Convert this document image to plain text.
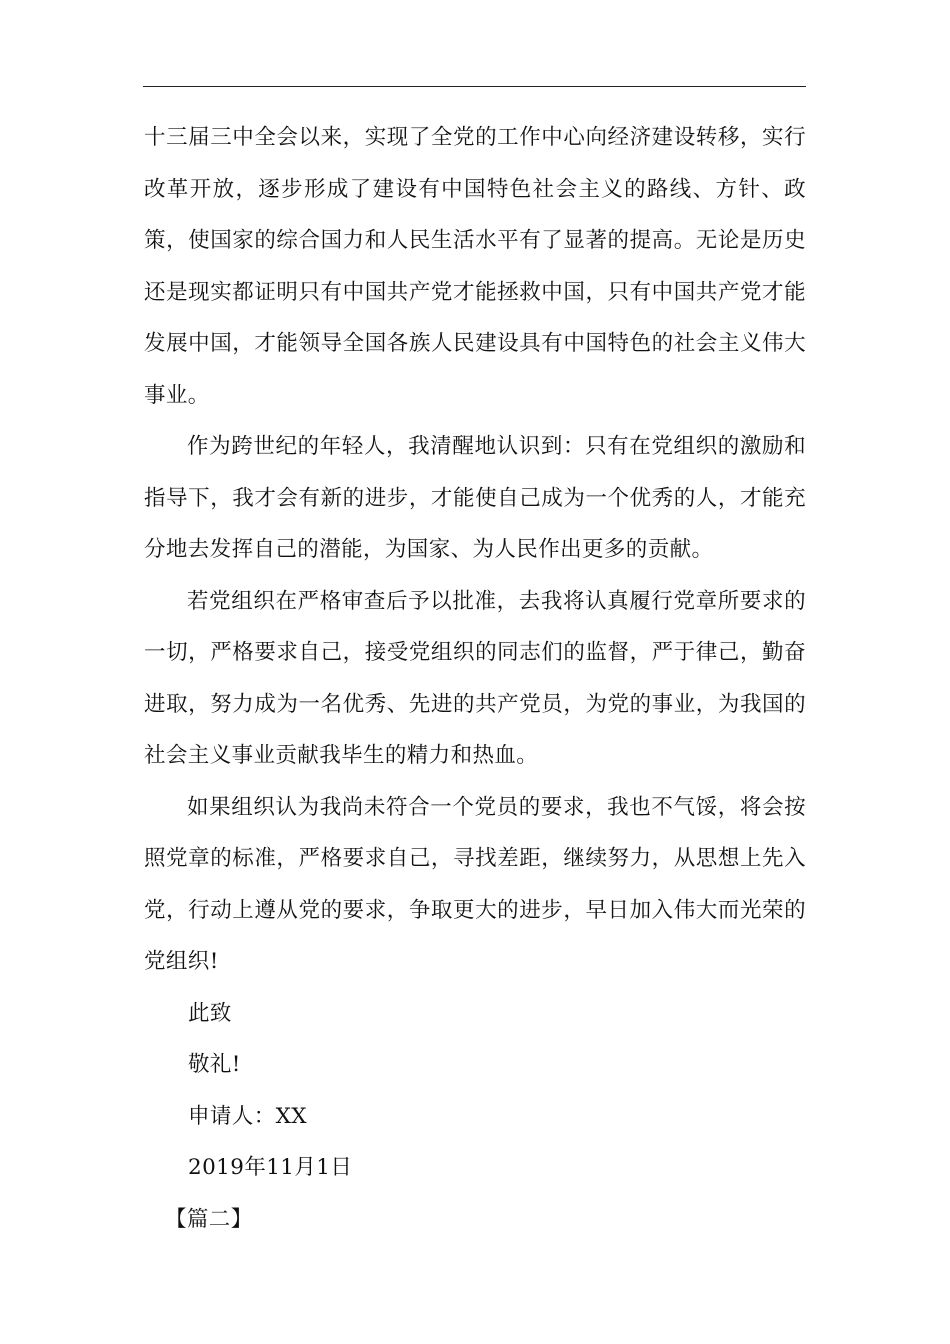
十三届三中全会以来，实现了全党的工作中心向经济建设转移，实行改革开放，逐步形成了建设有中国特色社会主义的路线、方针、政策，使国家的综合国力和人民生活水平有了显著的提高。无论是历史还是现实都证明只有中国共产党才能拯救中国，只有中国共产党才能发展中国，才能领导全国各族人民建设具有中国特色的社会主义伟大事业。

作为跨世纪的年轻人，我清醒地认识到：只有在党组织的激励和指导下，我才会有新的进步，才能使自己成为一个优秀的人，才能充分地去发挥自己的潜能，为国家、为人民作出更多的贡献。

若党组织在严格审查后予以批准，去我将认真履行党章所要求的一切，严格要求自己，接受党组织的同志们的监督，严于律己，勤奋进取，努力成为一名优秀、先进的共产党员，为党的事业，为我国的社会主义事业贡献我毕生的精力和热血。

如果组织认为我尚未符合一个党员的要求，我也不气馁，将会按照党章的标准，严格要求自己，寻找差距，继续努力，从思想上先入党，行动上遵从党的要求，争取更大的进步，早日加入伟大而光荣的党组织!

此致

敬礼!

申请人：XX

2019年11月1日

【篇二】
